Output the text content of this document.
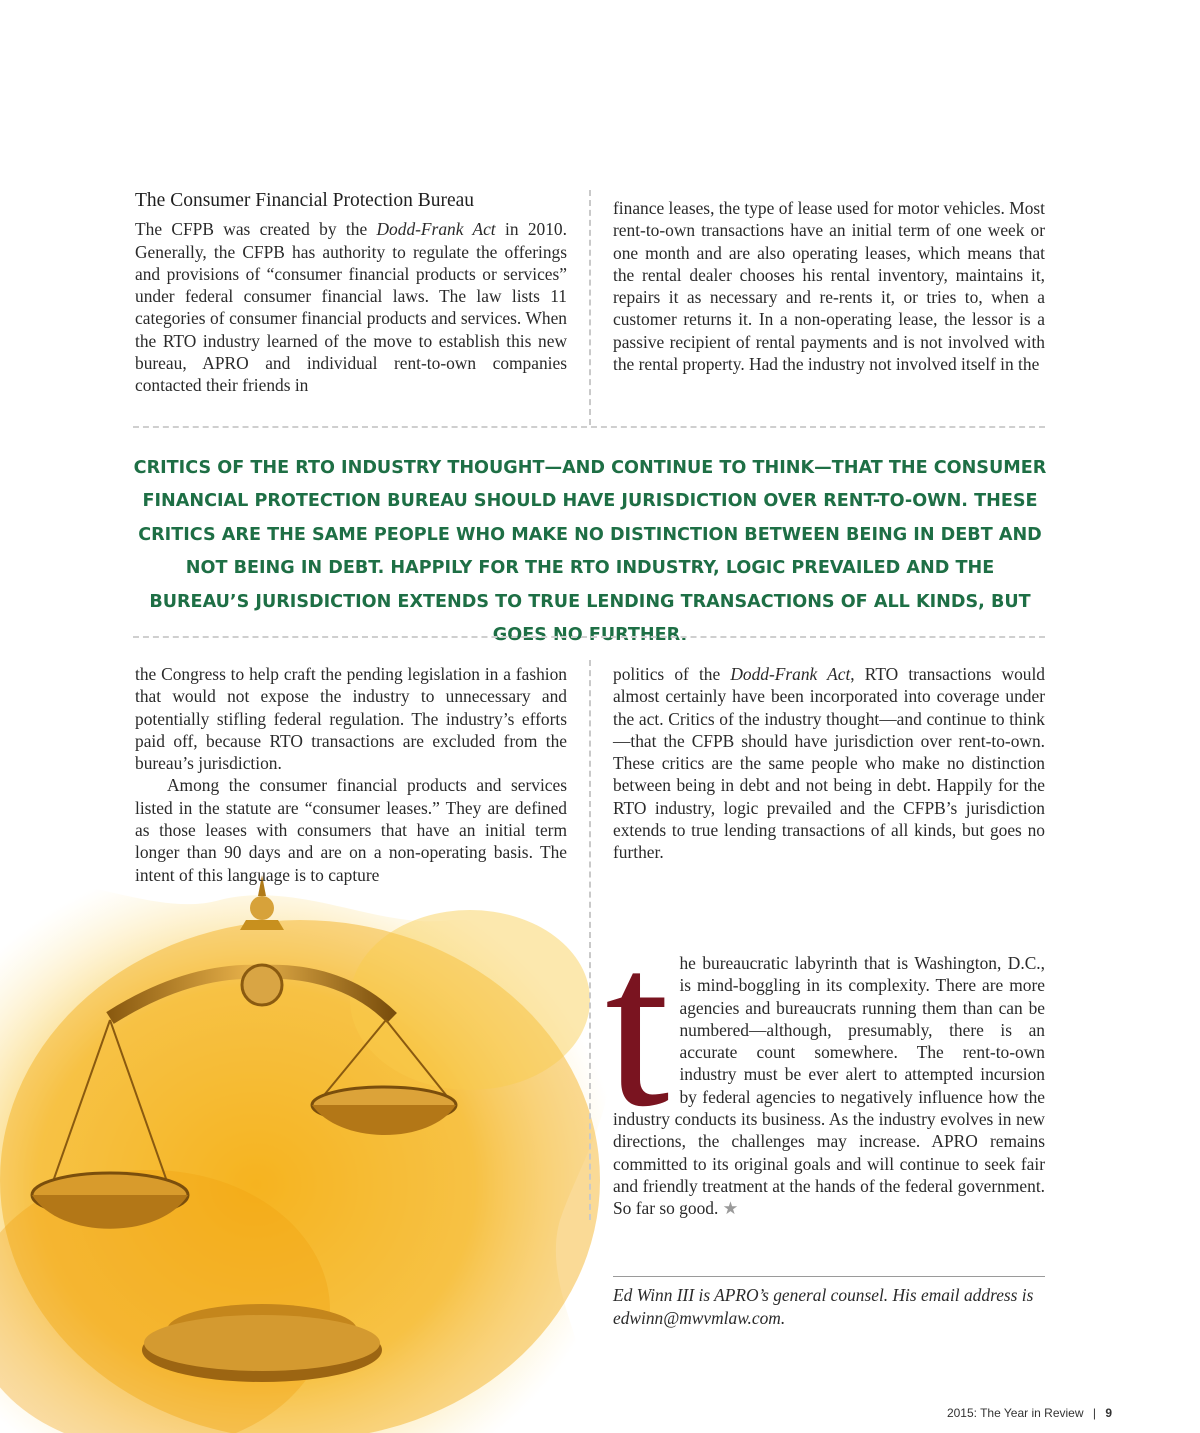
The Consumer Financial Protection Bureau

The CFPB was created by the Dodd-Frank Act in 2010. Generally, the CFPB has authority to regulate the offerings and provisions of “consumer financial products or services” under federal consumer financial laws. The law lists 11 categories of consumer financial products and services. When the RTO industry learned of the move to establish this new bureau, APRO and individual rent-to-own companies contacted their friends in

finance leases, the type of lease used for motor vehicles. Most rent-to-own transactions have an initial term of one week or one month and are also operating leases, which means that the rental dealer chooses his rental inventory, maintains it, repairs it as necessary and re-rents it, or tries to, when a customer returns it. In a non-operating lease, the lessor is a passive recipient of rental payments and is not involved with the rental property. Had the industry not involved itself in the

CRITICS OF THE RTO INDUSTRY THOUGHT—AND CONTINUE TO THINK—THAT THE CONSUMER FINANCIAL PROTECTION BUREAU SHOULD HAVE JURISDICTION OVER RENT-TO-OWN. THESE CRITICS ARE THE SAME PEOPLE WHO MAKE NO DISTINCTION BETWEEN BEING IN DEBT AND NOT BEING IN DEBT. HAPPILY FOR THE RTO INDUSTRY, LOGIC PREVAILED AND THE BUREAU’S JURISDICTION EXTENDS TO TRUE LENDING TRANSACTIONS OF ALL KINDS, BUT GOES NO FURTHER.

the Congress to help craft the pending legislation in a fashion that would not expose the industry to unnecessary and potentially stifling federal regulation. The industry’s efforts paid off, because RTO transactions are excluded from the bureau’s jurisdiction.

Among the consumer financial products and services listed in the statute are “consumer leases.” They are defined as those leases with consumers that have an initial term longer than 90 days and are on a non-operating basis. The intent of this language is to capture

politics of the Dodd-Frank Act, RTO transactions would almost certainly have been incorporated into coverage under the act. Critics of the industry thought—and continue to think—that the CFPB should have jurisdiction over rent-to-own. These critics are the same people who make no distinction between being in debt and not being in debt. Happily for the RTO industry, logic prevailed and the CFPB’s jurisdiction extends to true lending transactions of all kinds, but goes no further.

the bureaucratic labyrinth that is Washington, D.C., is mind-boggling in its complexity. There are more agencies and bureaucrats running them than can be numbered—although, presumably, there is an accurate count somewhere. The rent-to-own industry must be ever alert to attempted incursion by federal agencies to negatively influence how the industry conducts its business. As the industry evolves in new directions, the challenges may increase. APRO remains committed to its original goals and will continue to seek fair and friendly treatment at the hands of the federal government. So far so good. ★

Ed Winn III is APRO’s general counsel. His email address is edwinn@mwvmlaw.com.
2015: The Year in Review | 9
